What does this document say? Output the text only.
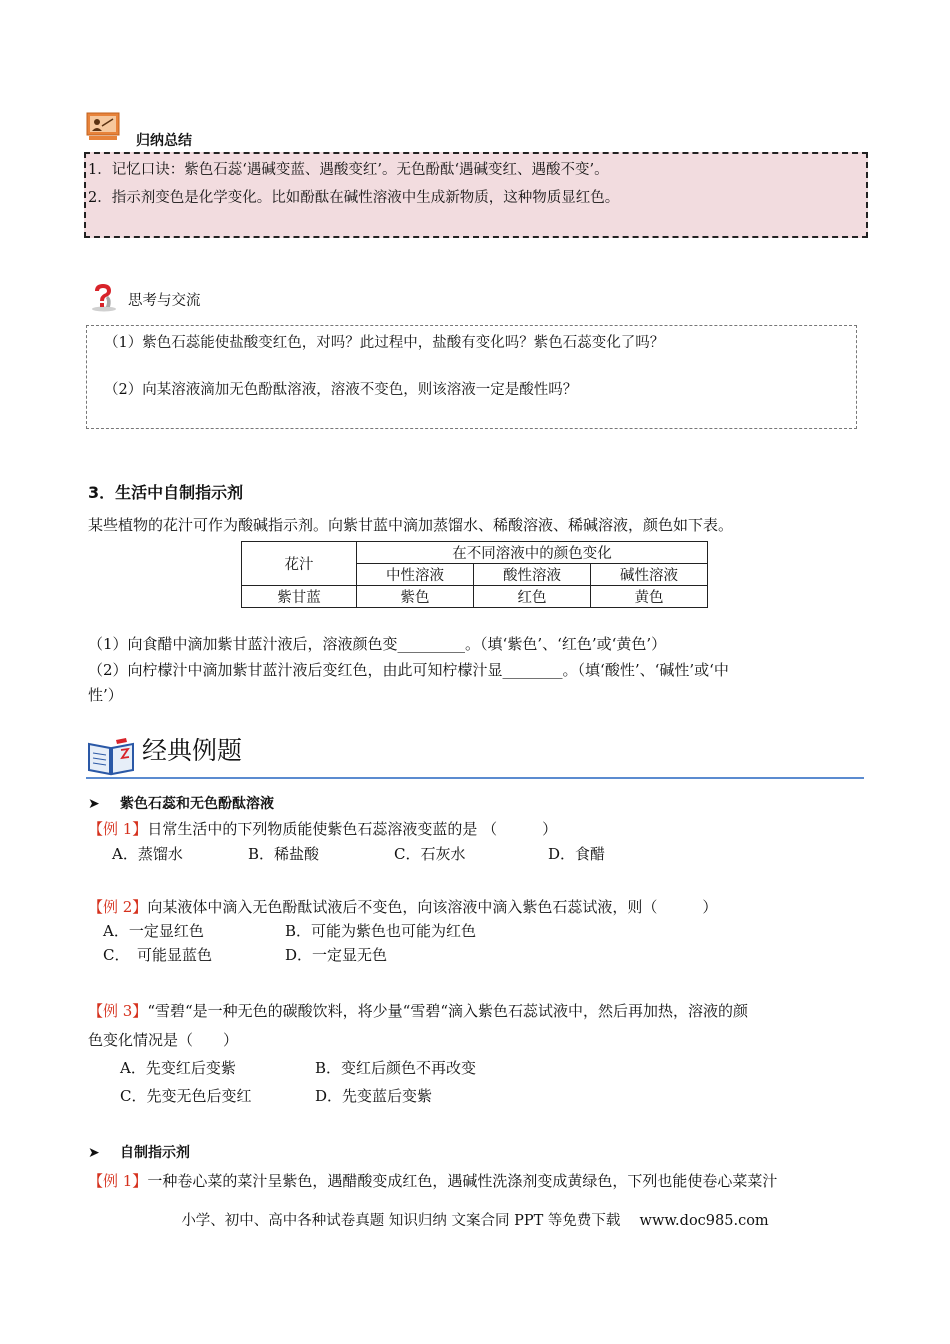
归纳总结
1．记忆口诀：紫色石蕊‘遇碱变蓝、遇酸变红’。无色酚酞‘遇碱变红、遇酸不变’。
2．指示剂变色是化学变化。比如酚酞在碱性溶液中生成新物质，这种物质显红色。
思考与交流
（1）紫色石蕊能使盐酸变红色，对吗？此过程中，盐酸有变化吗？紫色石蕊变化了吗？
（2）向某溶液滴加无色酚酞溶液，溶液不变色，则该溶液一定是酸性吗？
3．生活中自制指示剂
某些植物的花汁可作为酸碱指示剂。向紫甘蓝中滴加蒸馏水、稀酸溶液、稀碱溶液，颜色如下表。
花汁	在不同溶液中的颜色变化		
	中性溶液	酸性溶液	碱性溶液
紫甘蓝	紫色	红色	黄色
（1）向食醋中滴加紫甘蓝汁液后，溶液颜色变_________。（填‘紫色’、‘红色’或‘黄色’）
（2）向柠檬汁中滴加紫甘蓝汁液后变红色，由此可知柠檬汁显________。（填‘酸性’、‘碱性’或‘中
性’）
经典例题
➤ 紫色石蕊和无色酚酞溶液
【例 1】日常生活中的下列物质能使紫色石蕊溶液变蓝的是 （　　　）
A．蒸馏水	B．稀盐酸	C．石灰水	D．食醋
【例 2】向某液体中滴入无色酚酞试液后不变色，向该溶液中滴入紫色石蕊试液，则（　　　）
A．一定显红色	B．可能为紫色也可能为红色
C．　可能显蓝色	D．一定显无色
【例 3】“雪碧“是一种无色的碳酸饮料，将少量“雪碧“滴入紫色石蕊试液中，然后再加热，溶液的颜
色变化情况是（　　）
A．先变红后变紫	B．变红后颜色不再改变
C．先变无色后变红	D．先变蓝后变紫
➤ 自制指示剂
【例 1】一种卷心菜的菜汁呈紫色，遇醋酸变成红色，遇碱性洗涤剂变成黄绿色，下列也能使卷心菜菜汁
小学、初中、高中各种试卷真题 知识归纳 文案合同 PPT 等免费下载　 www.doc985.com
